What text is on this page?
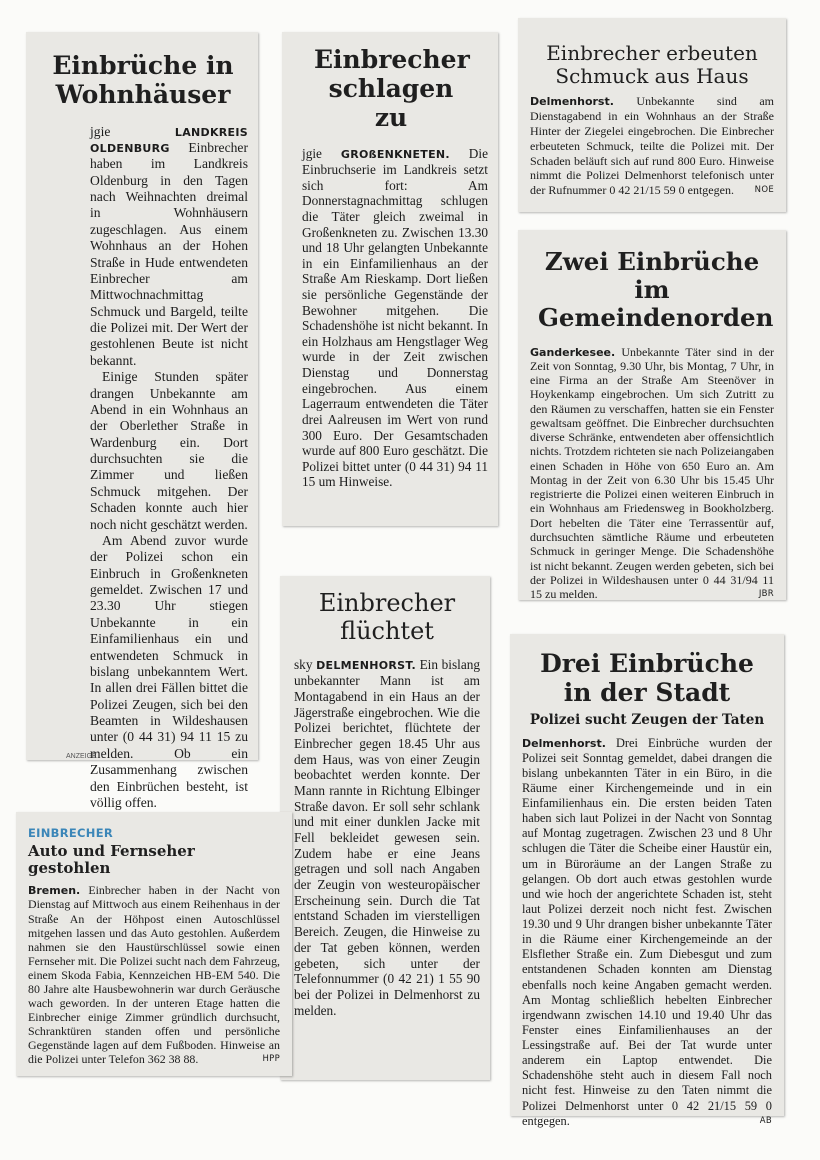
Einbrüche in Wohnhäuser

jgie	LANDKREIS OLDENBURG Einbrecher haben im Landkreis Oldenburg in den Tagen nach Weihnachten dreimal in Wohnhäusern zugeschlagen. Aus einem Wohnhaus an der Hohen Straße in Hude entwendeten Einbrecher am Mittwochnachmittag Schmuck und Bargeld, teilte die Polizei mit. Der Wert der gestohlenen Beute ist nicht bekannt.

Einige Stunden später drangen Unbekannte am Abend in ein Wohnhaus an der Oberlether Straße in Wardenburg ein. Dort durchsuchten sie die Zimmer und ließen Schmuck mitgehen. Der Schaden konnte auch hier noch nicht geschätzt werden.

Am Abend zuvor wurde der Polizei schon ein Einbruch in Großenkneten gemeldet. Zwischen 17 und 23.30 Uhr stiegen Unbekannte in ein Einfamilienhaus ein und entwendeten Schmuck in bislang unbekanntem Wert. In allen drei Fällen bittet die Polizei Zeugen, sich bei den Beamten in Wildeshausen unter (0 44 31) 94 11 15 zu melden. Ob ein Zusammenhang zwischen den Einbrüchen besteht, ist völlig offen.

ANZEIGE
Einbrecher schlagen zu

jgie GROßENKNETEN. Die Einbruchserie im Landkreis setzt sich fort: Am Donnerstagnachmittag schlugen die Täter gleich zweimal in Großenkneten zu. Zwischen 13.30 und 18 Uhr gelangten Unbekannte in ein Einfamilienhaus an der Straße Am Rieskamp. Dort ließen sie persönliche Gegenstände der Bewohner mitgehen. Die Schadenshöhe ist nicht bekannt. In ein Holzhaus am Hengstlager Weg wurde in der Zeit zwischen Dienstag und Donnerstag eingebrochen. Aus einem Lagerraum entwendeten die Täter drei Aalreusen im Wert von rund 300 Euro. Der Gesamtschaden wurde auf 800 Euro geschätzt. Die Polizei bittet unter (0 44 31) 94 11 15 um Hinweise.

Einbrecher erbeuten Schmuck aus Haus

Delmenhorst. Unbekannte sind am Dienstagabend in ein Wohnhaus an der Straße Hinter der Ziegelei eingebrochen. Die Einbrecher erbeuteten Schmuck, teilte die Polizei mit. Der Schaden beläuft sich auf rund 800 Euro. Hinweise nimmt die Polizei Delmenhorst telefonisch unter der Rufnummer 0 42 21/15 59 0 entgegen. NOE

Zwei Einbrüche im Gemeindenorden

Ganderkesee. Unbekannte Täter sind in der Zeit von Sonntag, 9.30 Uhr, bis Montag, 7 Uhr, in eine Firma an der Straße Am Steenöver in Hoykenkamp eingebrochen. Um sich Zutritt zu den Räumen zu verschaffen, hatten sie ein Fenster gewaltsam geöffnet. Die Einbrecher durchsuchten diverse Schränke, entwendeten aber offensichtlich nichts. Trotzdem richteten sie nach Polizeiangaben einen Schaden in Höhe von 650 Euro an. Am Montag in der Zeit von 6.30 Uhr bis 15.45 Uhr registrierte die Polizei einen weiteren Einbruch in ein Wohnhaus am Friedensweg in Bookholzberg. Dort hebelten die Täter eine Terrassentür auf, durchsuchten sämtliche Räume und erbeuteten Schmuck in geringer Menge. Die Schadenshöhe ist nicht bekannt. Zeugen werden gebeten, sich bei der Polizei in Wildeshausen unter 0 44 31/94 11 15 zu melden.	JBR

Einbrecher flüchtet

sky DELMENHORST. Ein bislang unbekannter Mann ist am Montagabend in ein Haus an der Jägerstraße eingebrochen. Wie die Polizei berichtet, flüchtete der Einbrecher gegen 18.45 Uhr aus dem Haus, was von einer Zeugin beobachtet werden konnte. Der Mann rannte in Richtung Elbinger Straße davon. Er soll sehr schlank und mit einer dunklen Jacke mit Fell bekleidet gewesen sein. Zudem habe er eine Jeans getragen und soll nach Angaben der Zeugin von westeuropäischer Erscheinung sein. Durch die Tat entstand Schaden im vierstelligen Bereich. Zeugen, die Hinweise zu der Tat geben können, werden gebeten, sich unter der Telefonnummer (0 42 21) 1 55 90 bei der Polizei in Delmenhorst zu melden.

EINBRECHER
Auto und Fernseher gestohlen

Bremen. Einbrecher haben in der Nacht von Dienstag auf Mittwoch aus einem Reihenhaus in der Straße An der Höhpost einen Autoschlüssel mitgehen lassen und das Auto gestohlen. Außerdem nahmen sie den Haustürschlüssel sowie einen Fernseher mit. Die Polizei sucht nach dem Fahrzeug, einem Skoda Fabia, Kennzeichen HB-EM 540. Die 80 Jahre alte Hausbewohnerin war durch Geräusche wach geworden. In der unteren Etage hatten die Einbrecher einige Zimmer gründlich durchsucht, Schranktüren standen offen und persönliche Gegenstände lagen auf dem Fußboden. Hinweise an die Polizei unter Telefon 362 38 88.	HPP

Drei Einbrüche in der Stadt
Polizei sucht Zeugen der Taten

Delmenhorst. Drei Einbrüche wurden der Polizei seit Sonntag gemeldet, dabei drangen die bislang unbekannten Täter in ein Büro, in die Räume einer Kirchengemeinde und in ein Einfamilienhaus ein. Die ersten beiden Taten haben sich laut Polizei in der Nacht von Sonntag auf Montag zugetragen. Zwischen 23 und 8 Uhr schlugen die Täter die Scheibe einer Haustür ein, um in Büroräume an der Langen Straße zu gelangen. Ob dort auch etwas gestohlen wurde und wie hoch der angerichtete Schaden ist, steht laut Polizei derzeit noch nicht fest. Zwischen 19.30 und 9 Uhr drangen bisher unbekannte Täter in die Räume einer Kirchengemeinde an der Elsflether Straße ein. Zum Diebesgut und zum entstandenen Schaden konnten am Dienstag ebenfalls noch keine Angaben gemacht werden. Am Montag schließlich hebelten Einbrecher irgendwann zwischen 14.10 und 19.40 Uhr das Fenster eines Einfamilienhauses an der Lessingstraße auf. Bei der Tat wurde unter anderem ein Laptop entwendet. Die Schadenshöhe steht auch in diesem Fall noch nicht fest. Hinweise zu den Taten nimmt die Polizei Delmenhorst unter 0 42 21/15 59 0 entgegen.	AB
